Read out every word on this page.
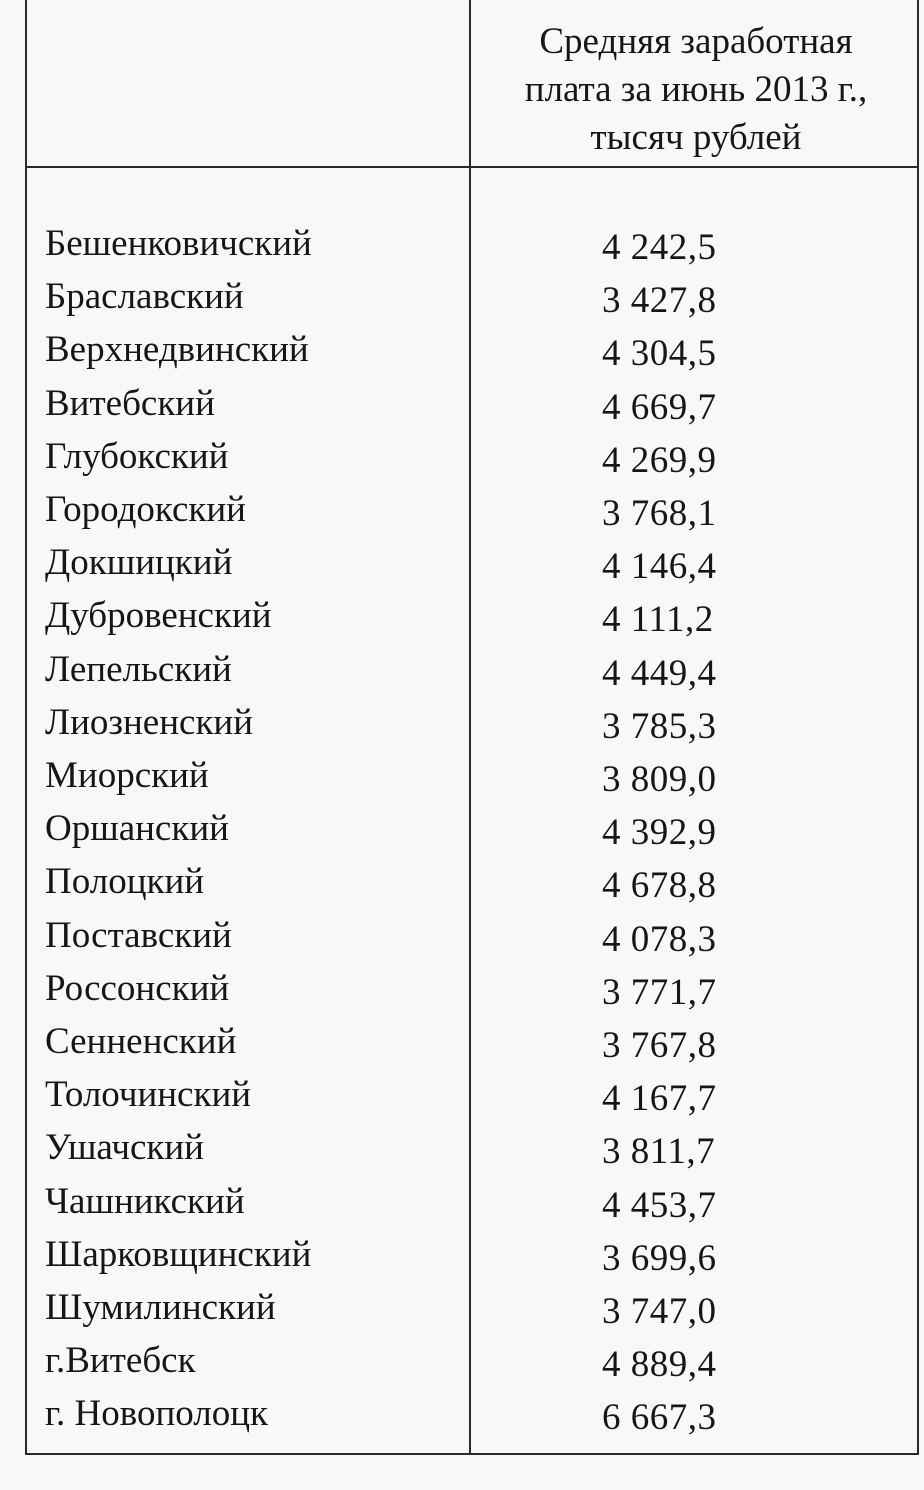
Средняя заработная
плата за июнь 2013 г.,
тысяч рублей
Бешенковичский	4 242,5
Браславский	3 427,8
Верхнедвинский	4 304,5
Витебский	4 669,7
Глубокский	4 269,9
Городокский	3 768,1
Докшицкий	4 146,4
Дубровенский	4 111,2
Лепельский	4 449,4
Лиозненский	3 785,3
Миорский	3 809,0
Оршанский	4 392,9
Полоцкий	4 678,8
Поставский	4 078,3
Россонский	3 771,7
Сенненский	3 767,8
Толочинский	4 167,7
Ушачский	3 811,7
Чашникский	4 453,7
Шарковщинский	3 699,6
Шумилинский	3 747,0
г.Витебск	4 889,4
г. Новополоцк	6 667,3
